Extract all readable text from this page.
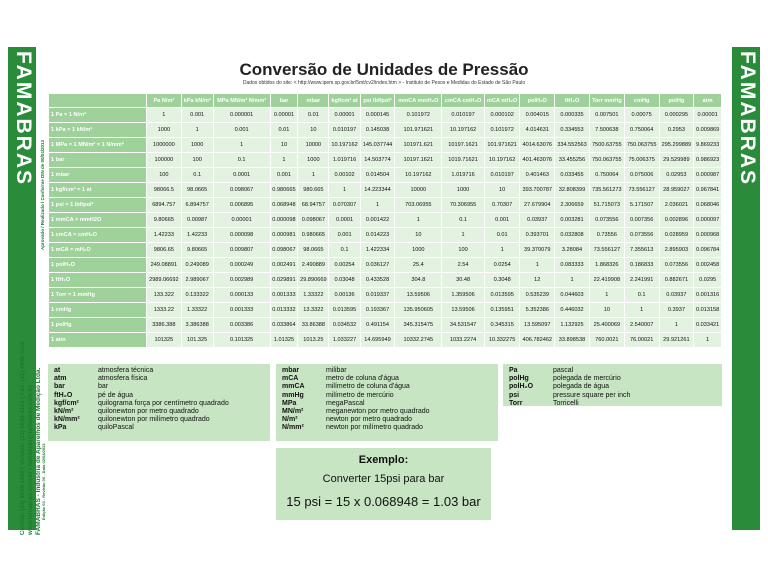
FAMABRAS
CP4
FAMABRAS
Aprovado / Realizado / Conforme DIN de 00/04/2013
FAMABRAS - Indústria de Aparelhos de Medição Ltda.
www.famabras.com.br / famabras@famabras.com.br
Central: (11) 4646-1100 | Vendas: (11) 4646-1101 | Fax: (11) 4646-1102	Edição 03 - Revisão 00 - Data 02/04/2013
Conversão de Unidades de Pressão
Dados obtidos do site: < http://www.ipem.sp.gov.br/5mt/cv2/index.htm > - Instituto de Pesos e Medidas do Estado de São Paulo
	Pa N/m²	kPa kN/m²	MPa MN/m² N/mm²	bar	mbar	kgf/cm² at	psi lbf/pol²	mmCA mmH₂O	cmCA cmH₂O	mCA mH₂O	polH₂O	ftH₂O	Torr mmHg	cmHg	polHg	atm
1 Pa = 1 N/m²	1	0.001	0.000001	0.00001	0.01	0.00001	0.000145	0.101972	0.010197	0.000102	0.004015	0.000335	0.007501	0.00075	0.000295	0.00001
1 kPa = 1 kN/m²	1000	1	0.001	0.01	10	0.010197	0.145038	101.971621	10.197162	0.101972	4.014631	0.334553	7.500638	0.750064	0.2953	0.009869
1 MPa = 1 MN/m² = 1 N/mm²	1000000	1000	1	10	10000	10.197162	145.037744	101971.621	10197.1621	101.971621	4014.63076	334.552563	7500.63755	750.063755	295.299889	9.869233
1 bar	100000	100	0.1	1	1000	1.019716	14.503774	10197.1621	1019.71621	10.197162	401.463076	33.455256	750.063755	75.006375	29.529989	0.986923
1 mbar	100	0.1	0.0001	0.001	1	0.00102	0.014504	10.197162	1.019716	0.010197	0.401463	0.033455	0.750064	0.075006	0.02953	0.000987
1 kgf/cm² = 1 at	98066.5	98.0665	0.098067	0.980665	980.665	1	14.223344	10000	1000	10	393.700787	32.808399	735.561273	73.556127	28.959027	0.967841
1 psi = 1 lbf/pol²	6894.757	6.894757	0.006895	0.068948	68.94757	0.070307	1	703.06955	70.306955	0.70307	27.679904	2.306659	51.715073	5.171507	2.036021	0.068046
1 mmCA = mmH2O	9.80665	0.00987	0.00001	0.000098	0.098067	0.0001	0.001422	1	0.1	0.001	0.03937	0.003281	0.073556	0.007356	0.002896	0.000097
1 cmCA = cmH₂O	1.42233	1.42233	0.000098	0.000981	0.980665	0.001	0.014223	10	1	0.01	0.393701	0.032808	0.73556	0.073556	0.028959	0.000968
1 mCA = mH₂O	9806.65	9.80665	0.009807	0.098067	98.0665	0.1	1.422334	1000	100	1	39.370079	3.28084	73.556127	7.355613	2.895903	0.096784
1 polH₂O	249.08891	0.249089	0.000249	0.002491	2.490889	0.00254	0.036127	25.4	2.54	0.0254	1	0.083333	1.868326	0.186833	0.073556	0.002458
1 ftH₂O	2989.06692	2.989067	0.002989	0.029891	29.890669	0.03048	0.433528	304.8	30.48	0.3048	12	1	22.419908	2.241991	0.882671	0.0295
1 Torr = 1 mmHg	133.322	0.133322	0.000133	0.001333	1.33322	0.00136	0.019337	13.59506	1.359506	0.013595	0.535239	0.044603	1	0.1	0.03937	0.001316
1 cmHg	1333.22	1.33322	0.001333	0.013332	13.3322	0.013595	0.193367	135.950605	13.59506	0.135951	5.352386	0.446032	10	1	0.3937	0.013158
1 polHg	3386.388	3.386388	0.003386	0.033864	33.86388	0.034532	0.491154	345.315475	34.531547	0.345315	13.595097	1.132925	25.400069	2.540007	1	0.033421
1 atm	101325	101.325	0.101325	1.01325	1013.25	1.033227	14.695949	10332.2745	1033.2274	10.332275	406.782462	33.898538	760.0021	76.00021	29.921261	1
at	atmosfera técnica
atm	atmosfera física
bar	bar
ftH₂O	pé de água
kgf/cm²	quilograma força por centímetro quadrado
kN/m²	quilonewton por metro quadrado
kN/mm²	quilonewton por milímetro quadrado
kPa	quiloPascal
mbar	milibar
mCA	metro de coluna d'água
mmCA	milímetro de coluna d'água
mmHg	milímetro de mercúrio
MPa	megaPascal
MN/m²	meganewton por metro quadrado
N/m²	newton por metro quadrado
N/mm²	newton por milímetro quadrado
Pa	pascal
polHg	polegada de mercúrio
polH₂O	polegada de água
psi	pressure square per inch
Torr	Torricelli
Exemplo:
Converter 15psi para bar
15 psi = 15 x 0.068948 = 1.03 bar
